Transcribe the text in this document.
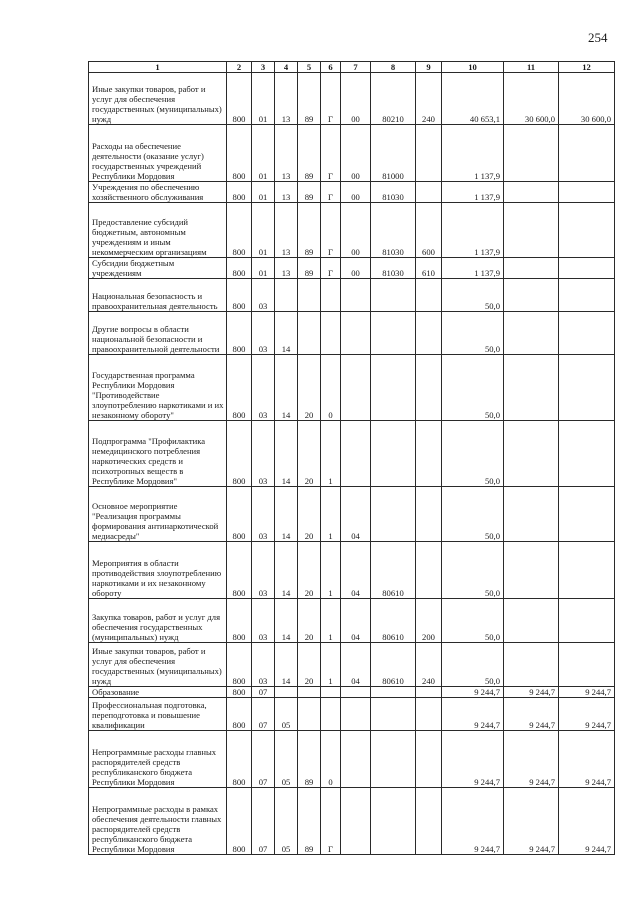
254
1	2	3	4	5	6	7	8	9	10	11	12
Иные закупки товаров, работ и услуг для обеспечения государственных (муниципальных) нужд	800	01	13	89	Г	00	80210	240	40 653,1	30 600,0	30 600,0
Расходы на обеспечение деятельности (оказание услуг) государственных учреждений Республики Мордовия	800	01	13	89	Г	00	81000		1 137,9		
Учреждения по обеспечению хозяйственного обслуживания	800	01	13	89	Г	00	81030		1 137,9		
Предоставление субсидий бюджетным, автономным учреждениям и иным некоммерческим организациям	800	01	13	89	Г	00	81030	600	1 137,9		
Субсидии бюджетным учреждениям	800	01	13	89	Г	00	81030	610	1 137,9		
Национальная безопасность и правоохранительная деятельность	800	03							50,0		
Другие вопросы в области национальной безопасности и правоохранительной деятельности	800	03	14						50,0		
Государственная программа Республики Мордовия "Противодействие злоупотреблению наркотиками и их незаконному обороту"	800	03	14	20	0				50,0		
Подпрограмма "Профилактика немедицинского потребления наркотических средств и психотропных веществ в Республике Мордовия"	800	03	14	20	1				50,0		
Основное мероприятие "Реализация программы формирования антинаркотической медиасреды"	800	03	14	20	1	04			50,0		
Мероприятия в области противодействия злоупотреблению наркотиками и их незаконному обороту	800	03	14	20	1	04	80610		50,0		
Закупка товаров, работ и услуг для обеспечения государственных (муниципальных) нужд	800	03	14	20	1	04	80610	200	50,0		
Иные закупки товаров, работ и услуг для обеспечения государственных (муниципальных) нужд	800	03	14	20	1	04	80610	240	50,0		
Образование	800	07							9 244,7	9 244,7	9 244,7
Профессиональная подготовка, переподготовка и повышение квалификации	800	07	05						9 244,7	9 244,7	9 244,7
Непрограммные расходы главных распорядителей средств республиканского бюджета Республики Мордовия	800	07	05	89	0				9 244,7	9 244,7	9 244,7
Непрограммные расходы в рамках обеспечения деятельности главных распорядителей средств республиканского бюджета Республики Мордовия	800	07	05	89	Г				9 244,7	9 244,7	9 244,7
